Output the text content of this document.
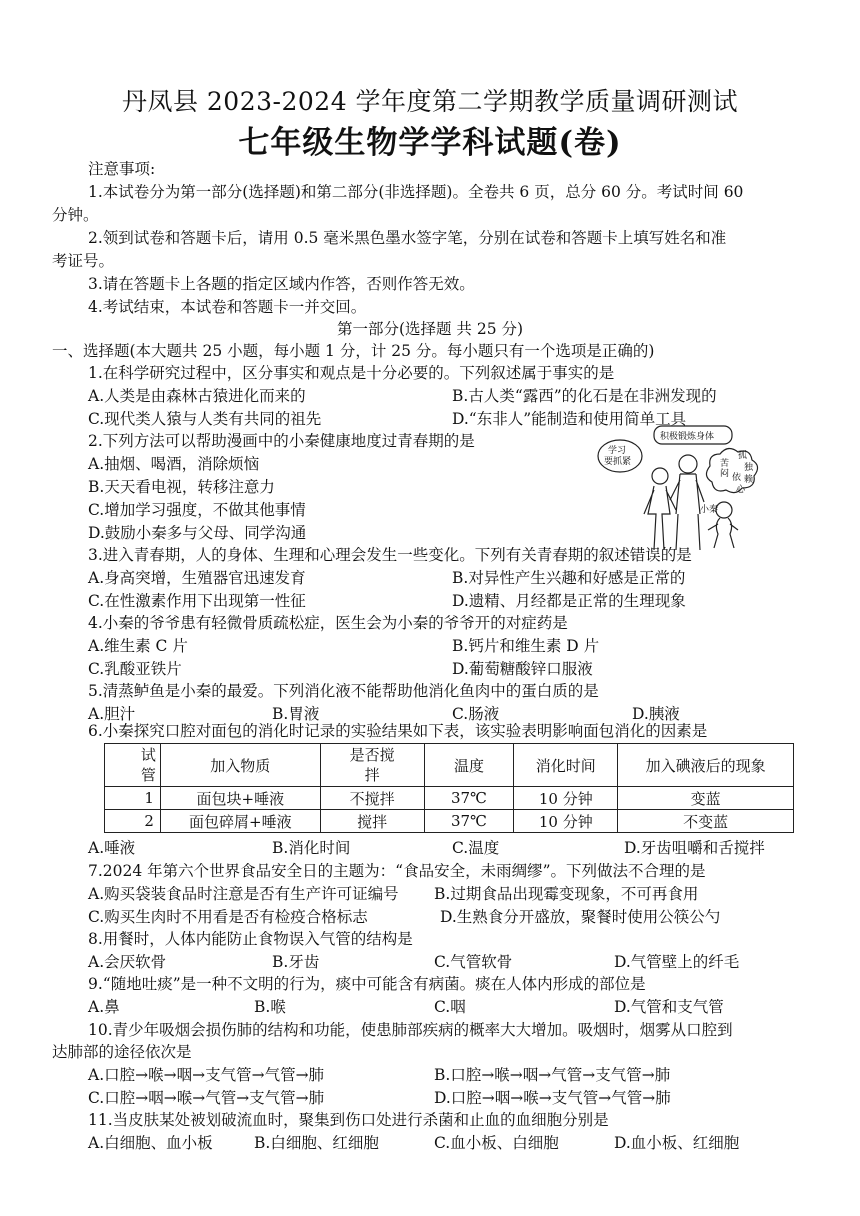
丹凤县 2023-2024 学年度第二学期教学质量调研测试
七年级生物学学科试题(卷)
注意事项:
1.本试卷分为第一部分(选择题)和第二部分(非选择题)。全卷共 6 页，总分 60 分。考试时间 60
分钟。
2.领到试卷和答题卡后，请用 0.5 毫米黑色墨水签字笔，分别在试卷和答题卡上填写姓名和准
考证号。
3.请在答题卡上各题的指定区域内作答，否则作答无效。
4.考试结束，本试卷和答题卡一并交回。
第一部分(选择题 共 25 分)
一、选择题(本大题共 25 小题，每小题 1 分，计 25 分。每小题只有一个选项是正确的)
1.在科学研究过程中，区分事实和观点是十分必要的。下列叙述属于事实的是
A.人类是由森林古猿进化而来的	B.古人类“露西”的化石是在非洲发现的
C.现代类人猿与人类有共同的祖先	D.“东非人”能制造和使用简单工具
2.下列方法可以帮助漫画中的小秦健康地度过青春期的是
A.抽烟、喝酒，消除烦恼
B.天天看电视，转移注意力
C.增加学习强度，不做其他事情
D.鼓励小秦多与父母、同学沟通
积极锻炼身体
学习
要抓紧
孤
独
苦
闷 依 赖
心
小秦
3.进入青春期，人的身体、生理和心理会发生一些变化。下列有关青春期的叙述错误的是
A.身高突增，生殖器官迅速发育	B.对异性产生兴趣和好感是正常的
C.在性激素作用下出现第一性征	D.遗精、月经都是正常的生理现象
4.小秦的爷爷患有轻微骨质疏松症，医生会为小秦的爷爷开的对症药是
A.维生素 C 片	B.钙片和维生素 D 片
C.乳酸亚铁片	D.葡萄糖酸锌口服液
5.清蒸鲈鱼是小秦的最爱。下列消化液不能帮助他消化鱼肉中的蛋白质的是
A.胆汁	B.胃液	C.肠液	D.胰液
6.小秦探究口腔对面包的消化时记录的实验结果如下表，该实验表明影响面包消化的因素是
试
管	加入物质	是否搅
拌	温度	消化时间	加入碘液后的现象
1	面包块+唾液	不搅拌	37℃	10 分钟	变蓝
2	面包碎屑+唾液	搅拌	37℃	10 分钟	不变蓝
A.唾液	B.消化时间	C.温度	D.牙齿咀嚼和舌搅拌
7.2024 年第六个世界食品安全日的主题为：“食品安全，未雨绸缪”。下列做法不合理的是
A.购买袋装食品时注意是否有生产许可证编号 B.过期食品出现霉变现象，不可再食用
C.购买生肉时不用看是否有检疫合格标志	D.生熟食分开盛放，聚餐时使用公筷公勺
8.用餐时，人体内能防止食物误入气管的结构是
A.会厌软骨	B.牙齿	C.气管软骨	D.气管壁上的纤毛
9.“随地吐痰”是一种不文明的行为，痰中可能含有病菌。痰在人体内形成的部位是
A.鼻	B.喉	C.咽	D.气管和支气管
10.青少年吸烟会损伤肺的结构和功能，使患肺部疾病的概率大大增加。吸烟时，烟雾从口腔到
达肺部的途径依次是
A.口腔→喉→咽→支气管→气管→肺	B.口腔→喉→咽→气管→支气管→肺
C.口腔→咽→喉→气管→支气管→肺	D.口腔→咽→喉→支气管→气管→肺
11.当皮肤某处被划破流血时，聚集到伤口处进行杀菌和止血的血细胞分别是
A.白细胞、血小板	B.白细胞、红细胞	C.血小板、白细胞	D.血小板、红细胞
